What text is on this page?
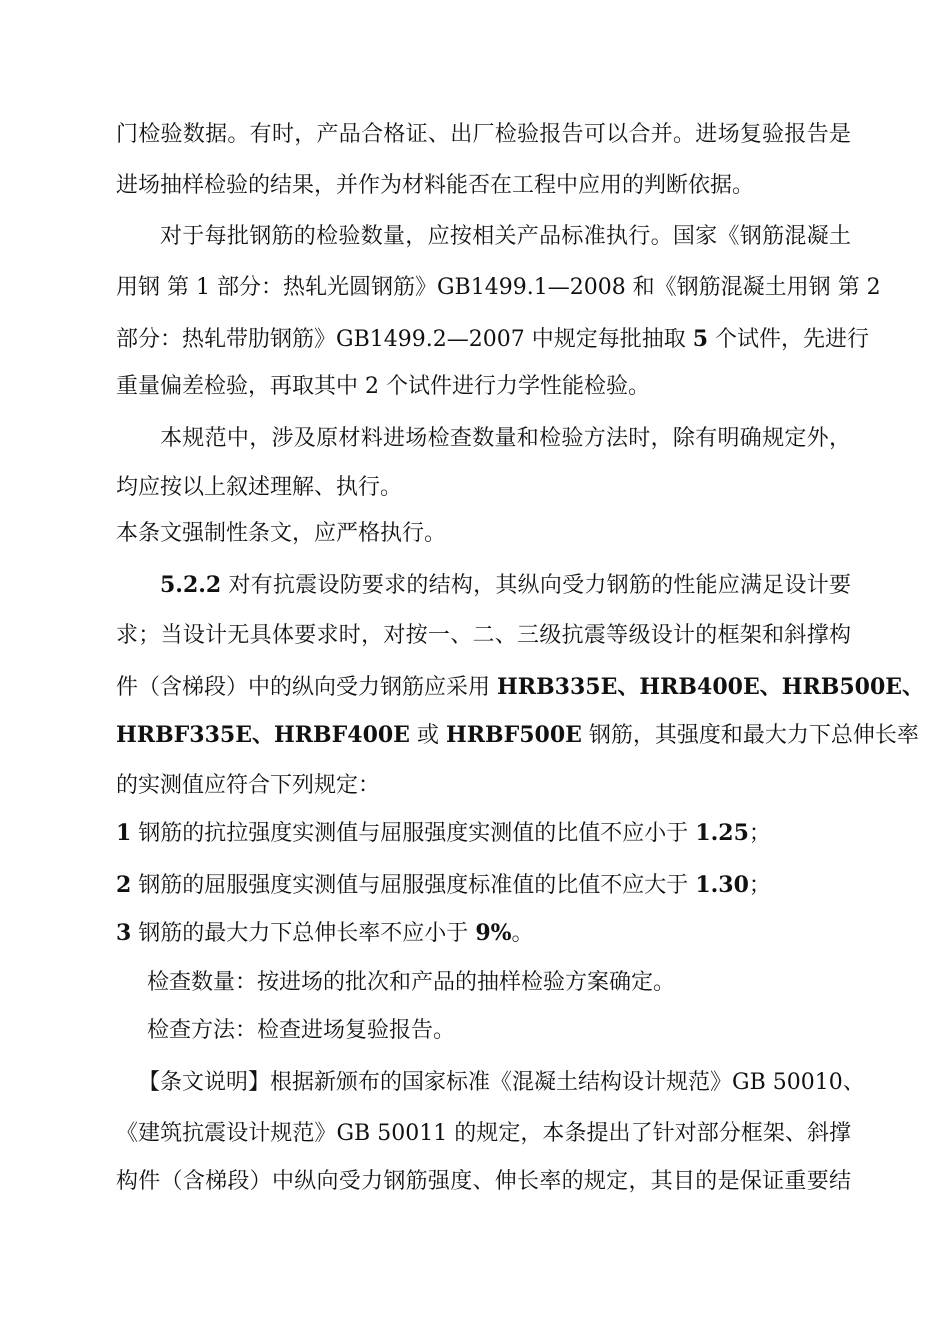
门检验数据。有时，产品合格证、出厂检验报告可以合并。进场复验报告是
进场抽样检验的结果，并作为材料能否在工程中应用的判断依据。
对于每批钢筋的检验数量，应按相关产品标准执行。国家《钢筋混凝土
用钢 第 1 部分：热轧光圆钢筋》GB1499.1—2008 和《钢筋混凝土用钢 第 2
部分：热轧带肋钢筋》GB1499.2—2007 中规定每批抽取 5 个试件，先进行
重量偏差检验，再取其中 2 个试件进行力学性能检验。
本规范中，涉及原材料进场检查数量和检验方法时，除有明确规定外，
均应按以上叙述理解、执行。
本条文强制性条文，应严格执行。
5.2.2 对有抗震设防要求的结构，其纵向受力钢筋的性能应满足设计要
求；当设计无具体要求时，对按一、二、三级抗震等级设计的框架和斜撑构
件（含梯段）中的纵向受力钢筋应采用 HRB335E、HRB400E、HRB500E、
HRBF335E、HRBF400E 或 HRBF500E 钢筋，其强度和最大力下总伸长率
的实测值应符合下列规定：
1 钢筋的抗拉强度实测值与屈服强度实测值的比值不应小于 1.25；
2 钢筋的屈服强度实测值与屈服强度标准值的比值不应大于 1.30；
3 钢筋的最大力下总伸长率不应小于 9%。
检查数量：按进场的批次和产品的抽样检验方案确定。
检查方法：检查进场复验报告。
【条文说明】根据新颁布的国家标准《混凝土结构设计规范》GB 50010、
《建筑抗震设计规范》GB 50011 的规定，本条提出了针对部分框架、斜撑
构件（含梯段）中纵向受力钢筋强度、伸长率的规定，其目的是保证重要结
